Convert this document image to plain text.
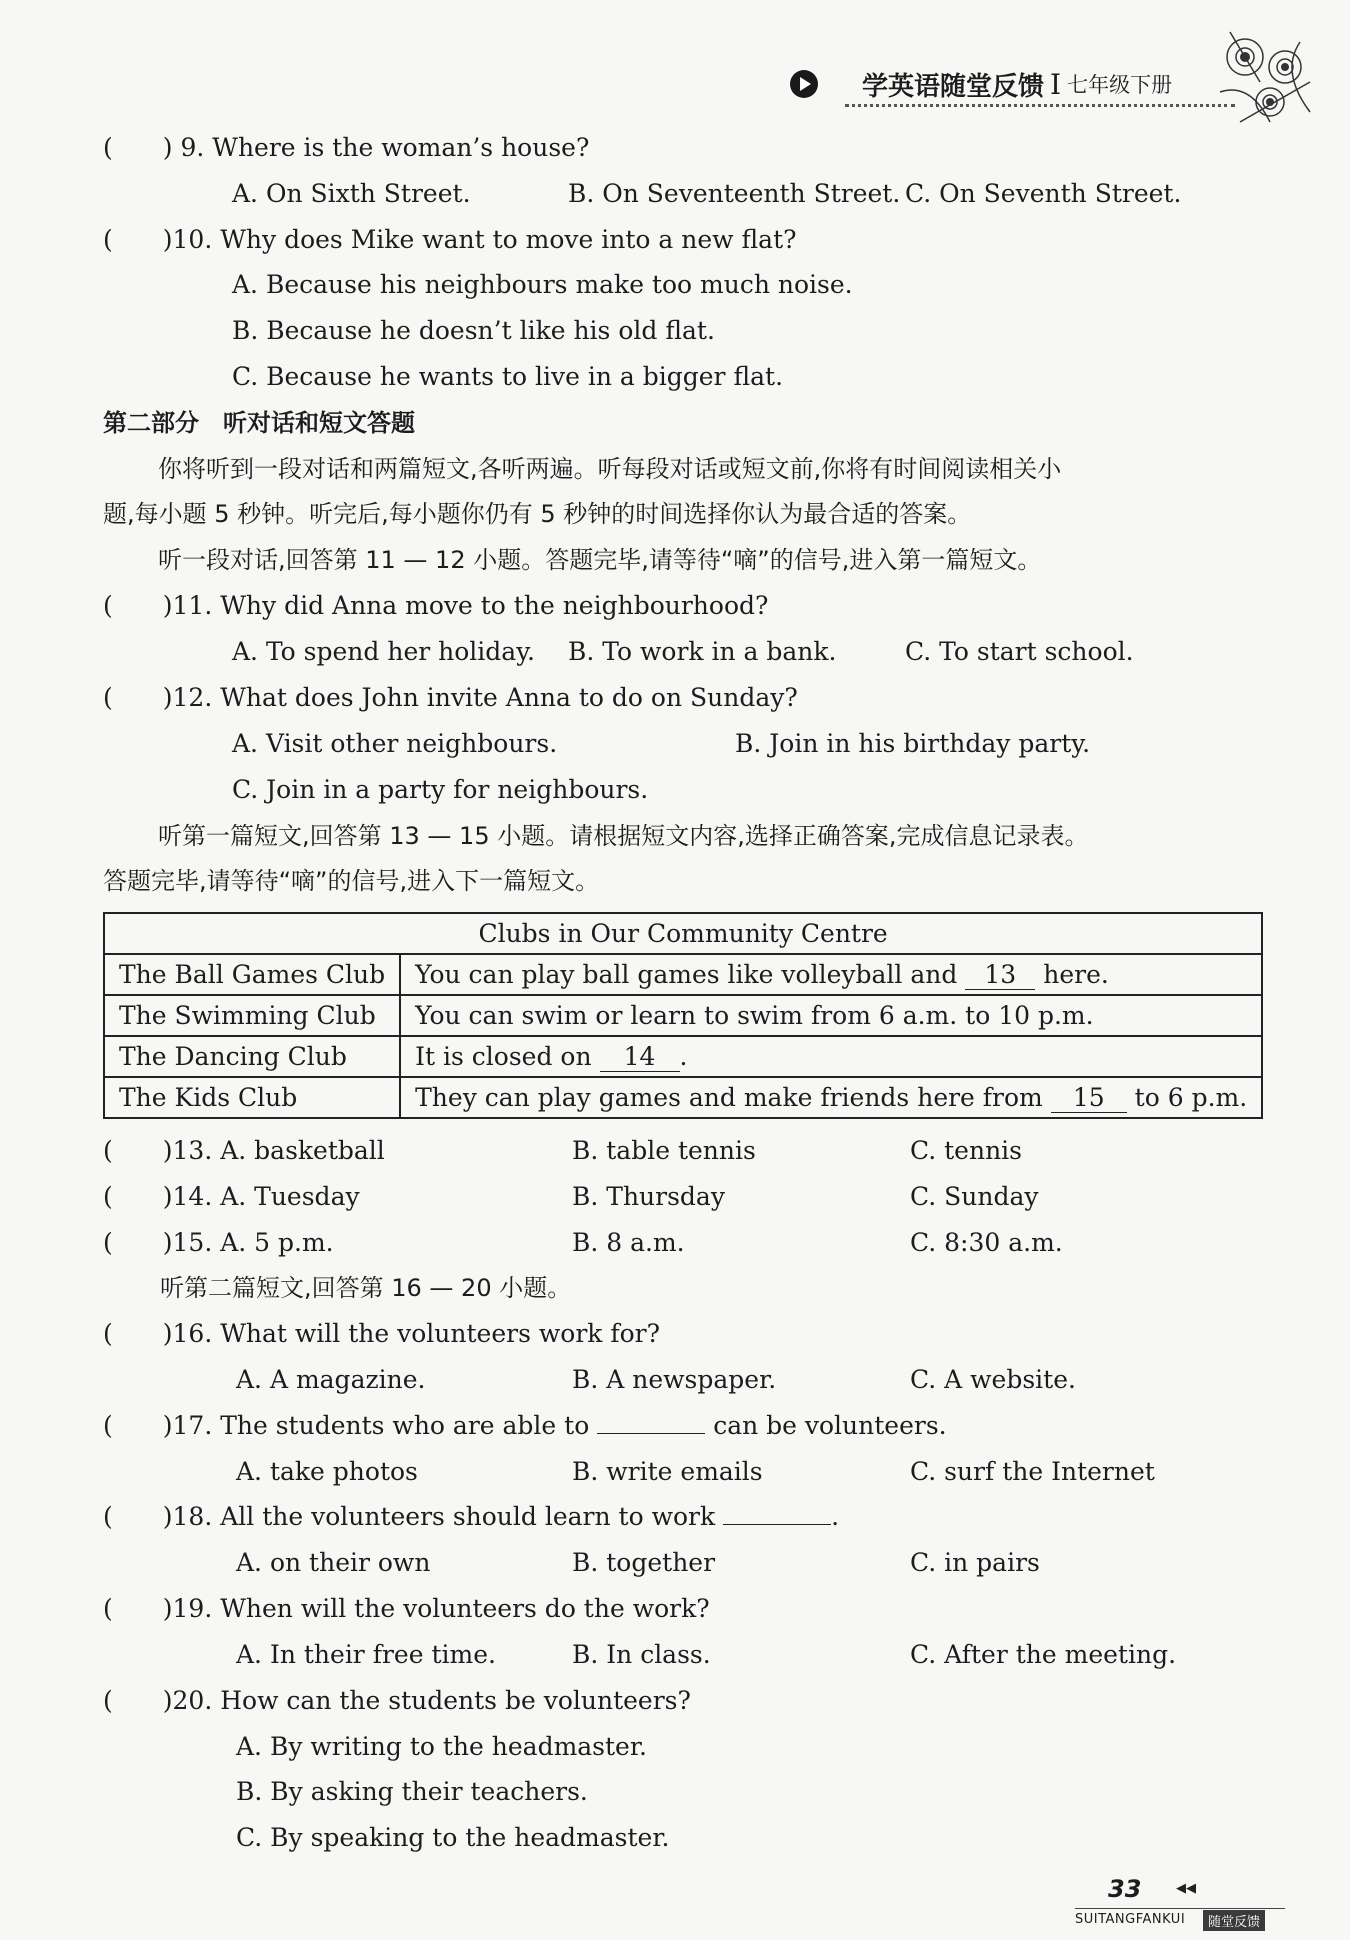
学英语随堂反馈 I 七年级下册
(　　) 9. Where is the woman’s house?
A. On Sixth Street.	B. On Seventeenth Street. C. On Seventh Street.
(　　)10. Why does Mike want to move into a new flat?
A. Because his neighbours make too much noise.
B. Because he doesn’t like his old flat.
C. Because he wants to live in a bigger flat.
第二部分　听对话和短文答题
你将听到一段对话和两篇短文,各听两遍。听每段对话或短文前,你将有时间阅读相关小
题,每小题 5 秒钟。听完后,每小题你仍有 5 秒钟的时间选择你认为最合适的答案。
听一段对话,回答第 11 — 12 小题。答题完毕,请等待“嘀”的信号,进入第一篇短文。
(　　)11. Why did Anna move to the neighbourhood?
A. To spend her holiday. B. To work in a bank.	C. To start school.
(　　)12. What does John invite Anna to do on Sunday?
A. Visit other neighbours.	B. Join in his birthday party.
C. Join in a party for neighbours.
听第一篇短文,回答第 13 — 15 小题。请根据短文内容,选择正确答案,完成信息记录表。
答题完毕,请等待“嘀”的信号,进入下一篇短文。
Clubs in Our Community Centre	
The Ball Games Club	You can play ball games like volleyball and 13 here.
The Swimming Club	You can swim or learn to swim from 6 a.m. to 10 p.m.
The Dancing Club	It is closed on 14 .
The Kids Club	They can play games and make friends here from 15 to 6 p.m.
(　　)13. A. basketball	B. table tennis	C. tennis
(　　)14. A. Tuesday	B. Thursday	C. Sunday
(　　)15. A. 5 p.m.	B. 8 a.m.	C. 8:30 a.m.
听第二篇短文,回答第 16 — 20 小题。
(　　)16. What will the volunteers work for?
A. A magazine.	B. A newspaper.	C. A website.
(　　)17. The students who are able to	can be volunteers.
A. take photos	B. write emails	C. surf the Internet
(　　)18. All the volunteers should learn to work	.
A. on their own	B. together	C. in pairs
(　　)19. When will the volunteers do the work?
A. In their free time.	B. In class.	C. After the meeting.
(　　)20. How can the students be volunteers?
A. By writing to the headmaster.
B. By asking their teachers.
C. By speaking to the headmaster.
33	◀◀
SUITANGFANKUI	随堂反馈
